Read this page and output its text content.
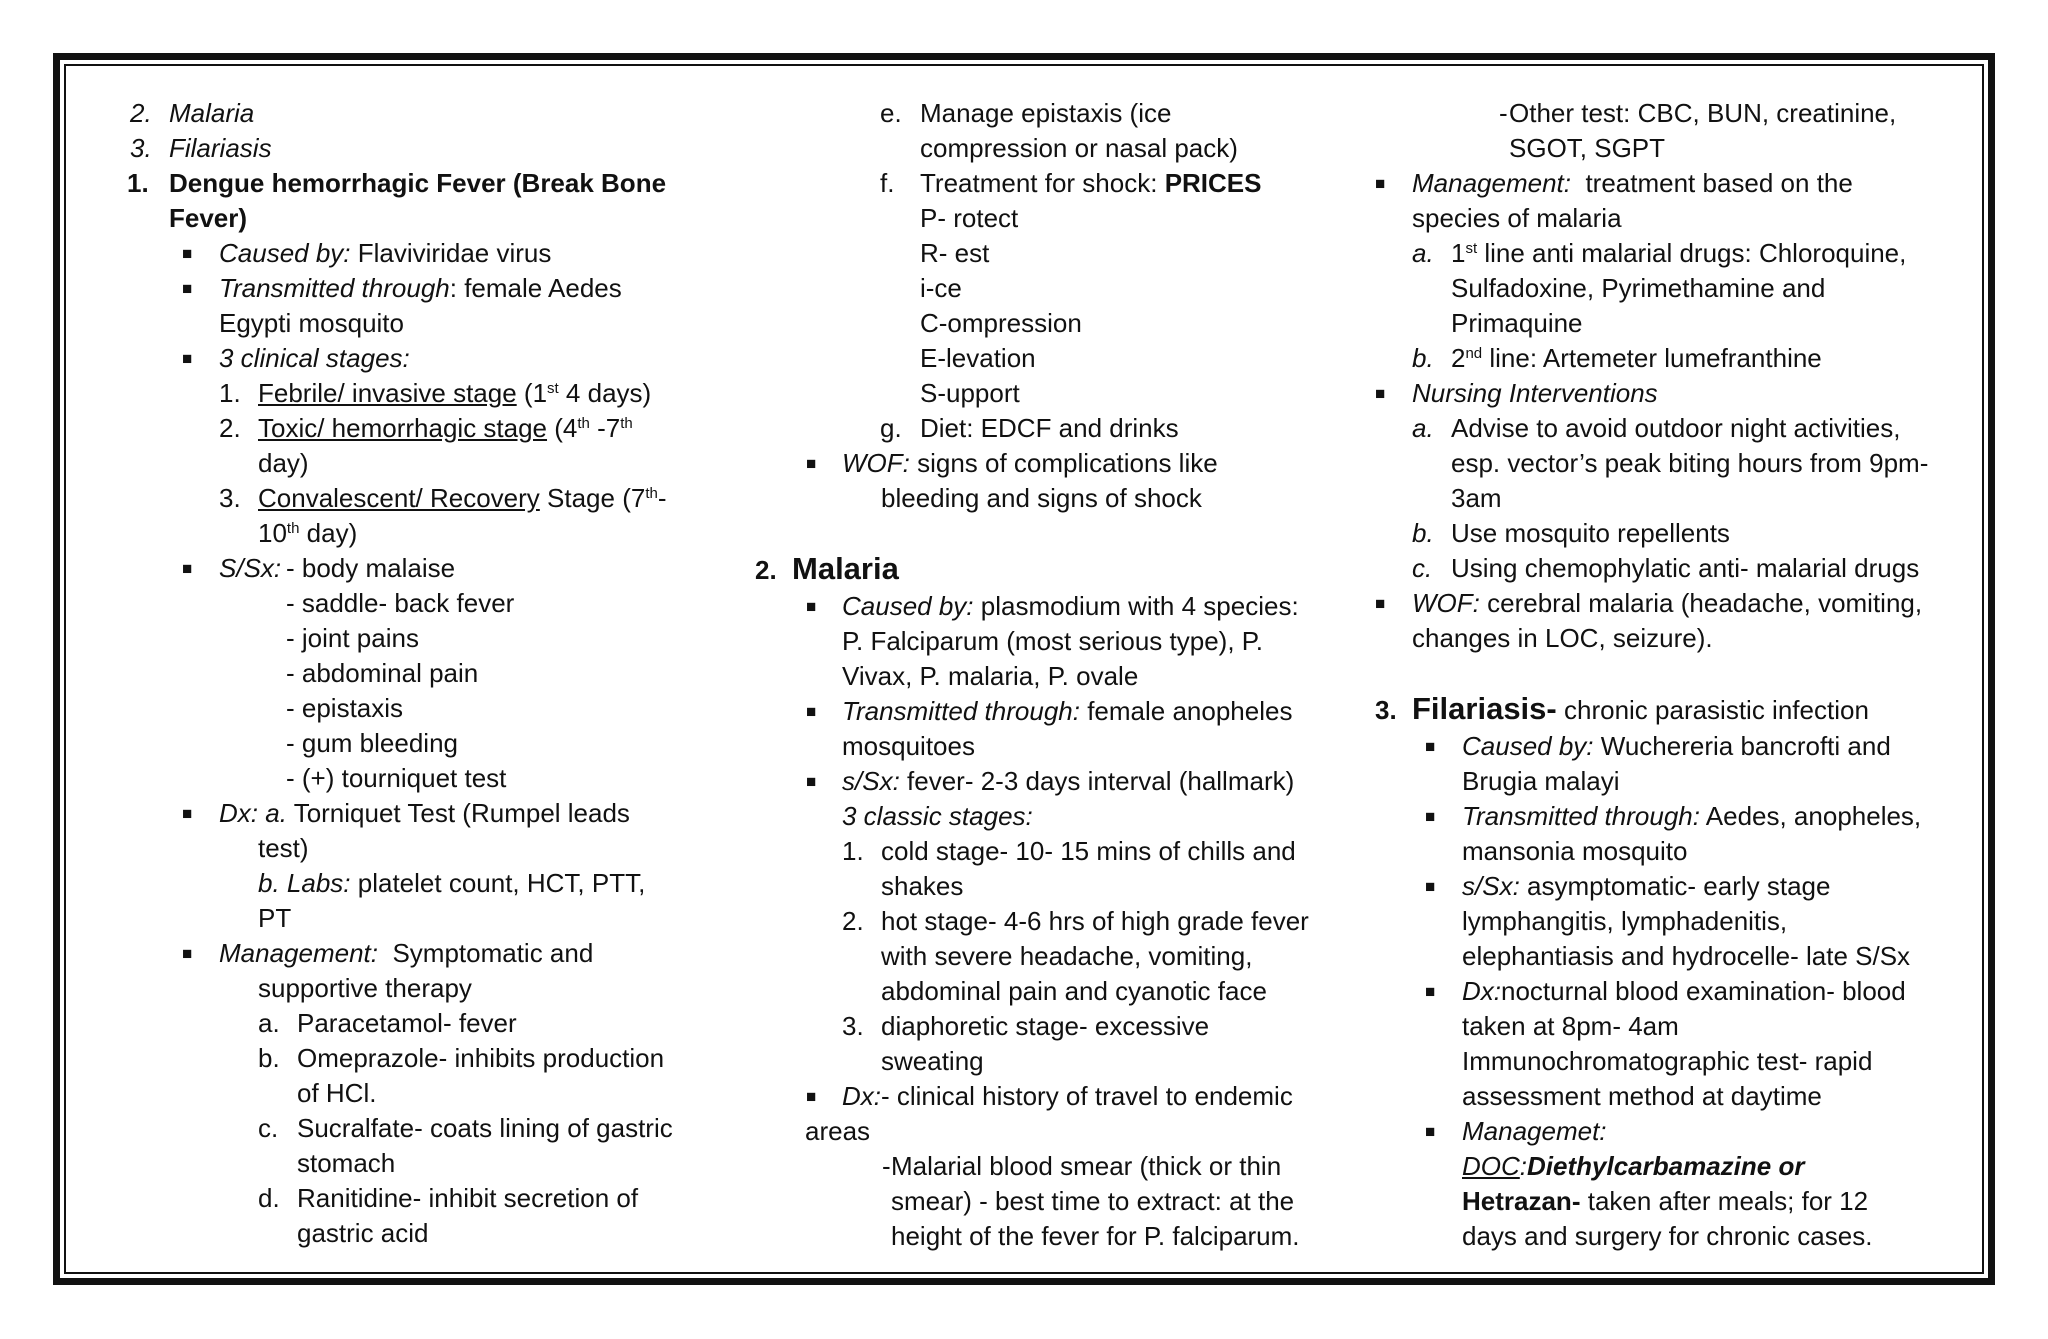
2. Malaria
3. Filariasis
1. Dengue hemorrhagic Fever (Break Bone
Fever)
■ Caused by: Flaviviridae virus
■ Transmitted through: female Aedes
Egypti mosquito
■ 3 clinical stages:
1. Febrile/ invasive stage (1st 4 days)
2. Toxic/ hemorrhagic stage (4th -7th
day)
3. Convalescent/ Recovery Stage (7th-
10th day)
■ S/Sx: - body malaise
- saddle- back fever
- joint pains
- abdominal pain
- epistaxis
- gum bleeding
- (+) tourniquet test
■ Dx: a. Torniquet Test (Rumpel leads
test)
b. Labs: platelet count, HCT, PTT,
PT
■ Management: Symptomatic and
supportive therapy
a. Paracetamol- fever
b. Omeprazole- inhibits production
of HCl.
c. Sucralfate- coats lining of gastric
stomach
d. Ranitidine- inhibit secretion of
gastric acid
e. Manage epistaxis (ice
compression or nasal pack)
f. Treatment for shock: PRICES
P- rotect
R- est
i-ce
C-ompression
E-levation
S-upport
g. Diet: EDCF and drinks
■ WOF: signs of complications like
bleeding and signs of shock
2. Malaria
■ Caused by: plasmodium with 4 species:
P. Falciparum (most serious type), P.
Vivax, P. malaria, P. ovale
■ Transmitted through: female anopheles
mosquitoes
■ s/Sx: fever- 2-3 days interval (hallmark)
3 classic stages:
1. cold stage- 10- 15 mins of chills and
shakes
2. hot stage- 4-6 hrs of high grade fever
with severe headache, vomiting,
abdominal pain and cyanotic face
3. diaphoretic stage- excessive
sweating
■ Dx:- clinical history of travel to endemic
areas
- Malarial blood smear (thick or thin
smear) - best time to extract: at the
height of the fever for P. falciparum.
- Other test: CBC, BUN, creatinine,
SGOT, SGPT
■ Management: treatment based on the
species of malaria
a. 1st line anti malarial drugs: Chloroquine,
Sulfadoxine, Pyrimethamine and
Primaquine
b. 2nd line: Artemeter lumefranthine
■ Nursing Interventions
a. Advise to avoid outdoor night activities,
esp. vector’s peak biting hours from 9pm-
3am
b. Use mosquito repellents
c. Using chemophylatic anti- malarial drugs
■ WOF: cerebral malaria (headache, vomiting,
changes in LOC, seizure).
3. Filariasis- chronic parasistic infection
■ Caused by: Wuchereria bancrofti and
Brugia malayi
■ Transmitted through: Aedes, anopheles,
mansonia mosquito
■ s/Sx: asymptomatic- early stage
lymphangitis, lymphadenitis,
elephantiasis and hydrocelle- late S/Sx
■ Dx:nocturnal blood examination- blood
taken at 8pm- 4am
Immunochromatographic test- rapid
assessment method at daytime
■ Managemet:
DOC:Diethylcarbamazine or
Hetrazan- taken after meals; for 12
days and surgery for chronic cases.
